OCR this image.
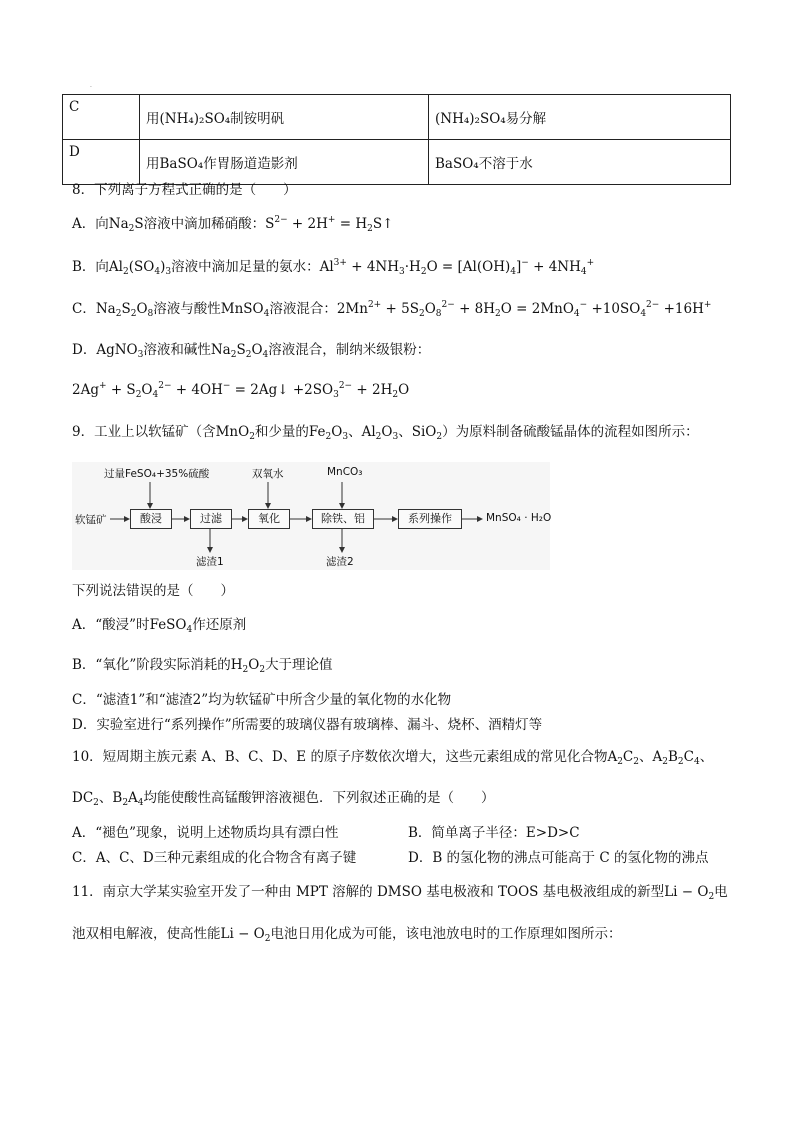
·
C	用(NH₄)₂SO₄制铵明矾	(NH₄)₂SO₄易分解
D	用BaSO₄作胃肠道造影剂	BaSO₄不溶于水
8．下列离子方程式正确的是（　　）
A．向$Na_2S$溶液中滴加稀硝酸：$S^{2-} + 2H^+$ = $H_2S↑$
B．向$Al_2(SO_4)_3$溶液中滴加足量的氨水：$Al^{3+} + 4NH_3\cdot H_2O = [Al(OH)_4]^- + 4NH_4^+$
C．$Na_2S_2O_8$溶液与酸性MnSO$_4$溶液混合：$2Mn^{2+} + 5S_2O_8^{2-} + 8H_2O = 2MnO_4^- +10SO_4^{2-} +16H^+$
D．AgNO$_3$溶液和碱性$Na_2S_2O_4$溶液混合，制纳米级银粉：
$2Ag^+ + S_2O_4^{2-} + 4OH^-$ = 2Ag↓ $+2SO_3^{2-} + 2H_2O$
9．工业上以软锰矿（含MnO$_2$和少量的$Fe_2O_3$、$Al_2O_3$、SiO$_2$）为原料制备硫酸锰晶体的流程如图所示：
软锰矿
过量FeSO₄+35%硫酸	双氧水	MnCO₃
酸浸	过滤	氧化	除铁、铝	系列操作	MnSO₄ · H₂O
滤渣1	滤渣2
下列说法错误的是（　　）
A．“酸浸”时FeSO$_4$作还原剂
B．“氧化”阶段实际消耗的$H_2O_2$大于理论值
C．“滤渣1”和“滤渣2”均为软锰矿中所含少量的氧化物的水化物
D．实验室进行“系列操作”所需要的玻璃仪器有玻璃棒、漏斗、烧杯、酒精灯等
10．短周期主族元素 A、B、C、D、E 的原子序数依次增大，这些元素组成的常见化合物$A_2C_2$、$A_2B_2C_4$、
$DC_2$、$B_2A_4$均能使酸性高锰酸钾溶液褪色．下列叙述正确的是（　　）
A．“褪色”现象，说明上述物质均具有漂白性	B．简单离子半径：E>D>C
C．A、C、D三种元素组成的化合物含有离子键	D．B 的氢化物的沸点可能高于 C 的氢化物的沸点
11．南京大学某实验室开发了一种由 MPT 溶解的 DMSO 基电极液和 TOOS 基电极液组成的新型$Li - O_2$电
池双相电解液，使高性能$Li - O_2$电池日用化成为可能，该电池放电时的工作原理如图所示：
